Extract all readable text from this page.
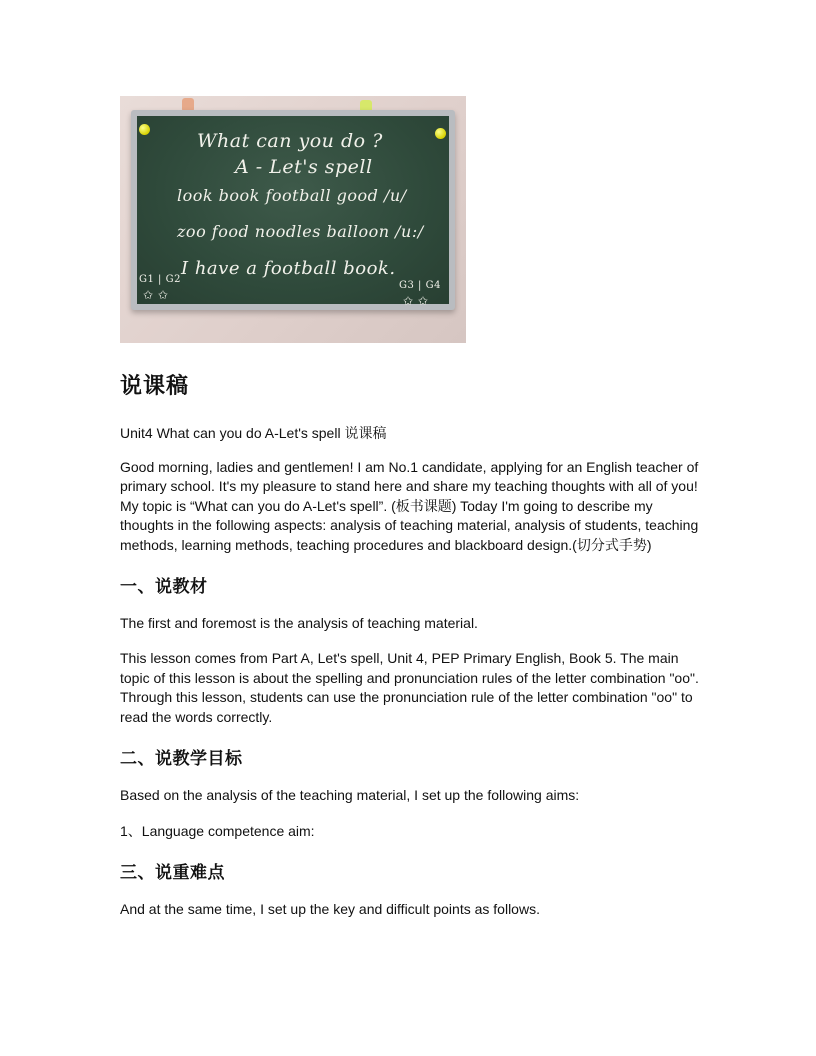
What can you do ?
A - Let's spell
look book football good /u/
zoo food noodles balloon /u:/
I have a football book.
G1 | G2
G3 | G4
✩ ✩	✩ ✩
说课稿

Unit4 What can you do A-Let's spell 说课稿

Good morning, ladies and gentlemen! I am No.1 candidate, applying for an English teacher of primary school. It's my pleasure to stand here and share my teaching thoughts with all of you! My topic is “What can you do A-Let's spell”. (板书课题) Today I'm going to describe my thoughts in the following aspects: analysis of teaching material, analysis of students, teaching methods, learning methods, teaching procedures and blackboard design.(切分式手势)

一、说教材

The first and foremost is the analysis of teaching material.

This lesson comes from Part A, Let's spell, Unit 4, PEP Primary English, Book 5. The main topic of this lesson is about the spelling and pronunciation rules of the letter combination "oo". Through this lesson, students can use the pronunciation rule of the letter combination "oo" to read the words correctly.

二、说教学目标

Based on the analysis of the teaching material, I set up the following aims:

1、Language competence aim:

三、说重难点

And at the same time, I set up the key and difficult points as follows.
